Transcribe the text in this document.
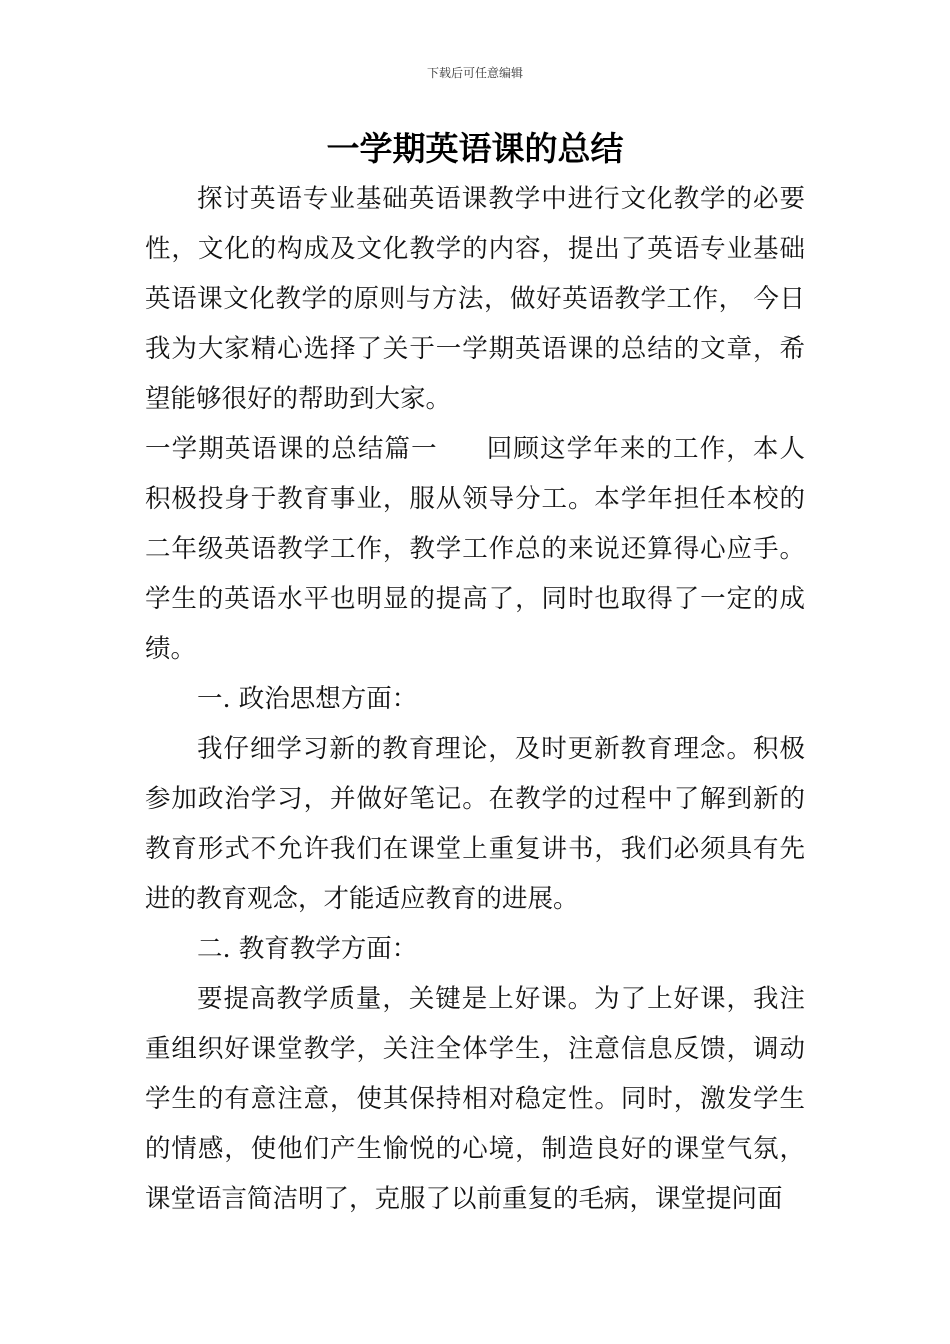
下载后可任意编辑
一学期英语课的总结

探讨英语专业基础英语课教学中进行文化教学的必要性，文化的构成及文化教学的内容，提出了英语专业基础英语课文化教学的原则与方法，做好英语教学工作， 今日我为大家精心选择了关于一学期英语课的总结的文章，希望能够很好的帮助到大家。

一学期英语课的总结篇一 回顾这学年来的工作，本人积极投身于教育事业，服从领导分工。本学年担任本校的二年级英语教学工作，教学工作总的来说还算得心应手。学生的英语水平也明显的提高了，同时也取得了一定的成绩。

一. 政治思想方面：

我仔细学习新的教育理论，及时更新教育理念。积极参加政治学习，并做好笔记。在教学的过程中了解到新的教育形式不允许我们在课堂上重复讲书，我们必须具有先进的教育观念，才能适应教育的进展。

二. 教育教学方面：

要提高教学质量，关键是上好课。为了上好课，我注重组织好课堂教学，关注全体学生，注意信息反馈，调动学生的有意注意，使其保持相对稳定性。同时，激发学生的情感，使他们产生愉悦的心境，制造良好的课堂气氛，课堂语言简洁明了，克服了以前重复的毛病，课堂提问面
